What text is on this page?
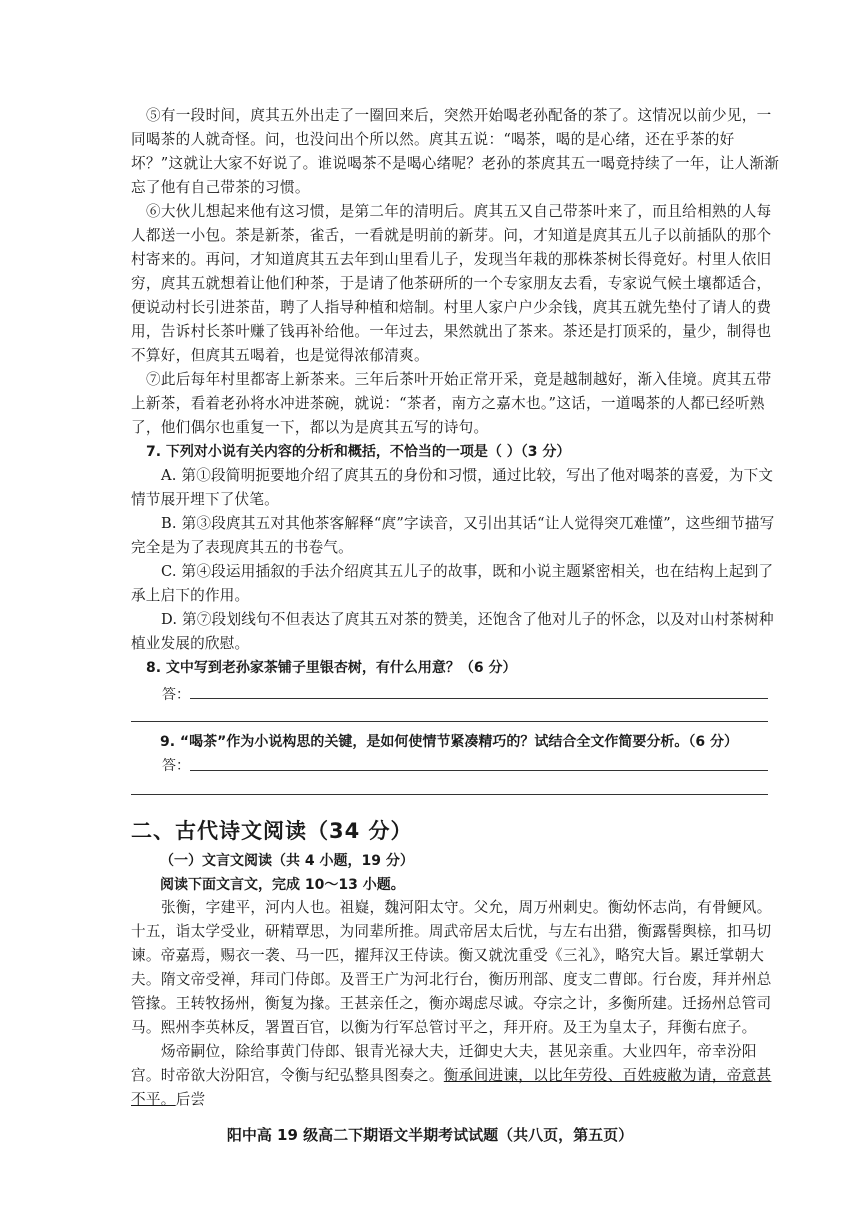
⑤有一段时间，庹其五外出走了一圈回来后，突然开始喝老孙配备的茶了。这情况以前少见，一同喝茶的人就奇怪。问，也没问出个所以然。庹其五说：“喝茶，喝的是心绪，还在乎茶的好坏？”这就让大家不好说了。谁说喝茶不是喝心绪呢？老孙的茶庹其五一喝竟持续了一年，让人渐渐忘了他有自己带茶的习惯。

⑥大伙儿想起来他有这习惯，是第二年的清明后。庹其五又自己带茶叶来了，而且给相熟的人每人都送一小包。茶是新茶，雀舌，一看就是明前的新芽。问，才知道是庹其五儿子以前插队的那个村寄来的。再问，才知道庹其五去年到山里看儿子，发现当年栽的那株茶树长得竟好。村里人依旧穷，庹其五就想着让他们种茶，于是请了他茶研所的一个专家朋友去看，专家说气候土壤都适合，便说动村长引进茶苗，聘了人指导种植和焙制。村里人家户户少余钱，庹其五就先垫付了请人的费用，告诉村长茶叶赚了钱再补给他。一年过去，果然就出了茶来。茶还是打顶采的，量少，制得也不算好，但庹其五喝着，也是觉得浓郁清爽。

⑦此后每年村里都寄上新茶来。三年后茶叶开始正常开采，竟是越制越好，渐入佳境。庹其五带上新茶，看着老孙将水冲进茶碗，就说：“茶者，南方之嘉木也。”这话，一道喝茶的人都已经听熟了，他们偶尔也重复一下，都以为是庹其五写的诗句。

7. 下列对小说有关内容的分析和概括，不恰当的一项是（ ）（3 分）

A. 第①段简明扼要地介绍了庹其五的身份和习惯，通过比较，写出了他对喝茶的喜爱，为下文情节展开埋下了伏笔。

B. 第③段庹其五对其他茶客解释“庹”字读音，又引出其话“让人觉得突兀难懂”，这些细节描写完全是为了表现庹其五的书卷气。

C. 第④段运用插叙的手法介绍庹其五儿子的故事，既和小说主题紧密相关，也在结构上起到了承上启下的作用。

D. 第⑦段划线句不但表达了庹其五对茶的赞美，还饱含了他对儿子的怀念，以及对山村茶树种植业发展的欣慰。

8. 文中写到老孙家茶铺子里银杏树，有什么用意？（6 分）

答：

9. “喝茶”作为小说构思的关键，是如何使情节紧凑精巧的？试结合全文作简要分析。（6 分）

答：

二、古代诗文阅读（34 分）

（一）文言文阅读（共 4 小题，19 分）

阅读下面文言文，完成 10～13 小题。

张衡，字建平，河内人也。祖嶷，魏河阳太守。父允，周万州刺史。衡幼怀志尚，有骨鲠风。十五，诣太学受业，研精覃思，为同辈所推。周武帝居太后忧，与左右出猎，衡露髻舆榇，扣马切谏。帝嘉焉，赐衣一袭、马一匹，擢拜汉王侍读。衡又就沈重受《三礼》，略究大旨。累迁掌朝大夫。 隋文帝受禅，拜司门侍郎。及晋王广为河北行台，衡历刑部、度支二曹郎。行台废，拜并州总管掾。王转牧扬州，衡复为掾。王甚亲任之，衡亦竭虑尽诚。夺宗之计，多衡所建。迁扬州总管司马。熙州李英林反，署置百官，以衡为行军总管讨平之，拜开府。及王为皇太子，拜衡右庶子。

炀帝嗣位，除给事黄门侍郎、银青光禄大夫，迁御史大夫，甚见亲重。大业四年，帝幸汾阳宫。时帝欲大汾阳宫，令衡与纪弘整具图奏之。衡承间进谏，以比年劳役、百姓疲敝为请，帝意甚不平。后尝

阳中高 19 级高二下期语文半期考试试题（共八页，第五页）
